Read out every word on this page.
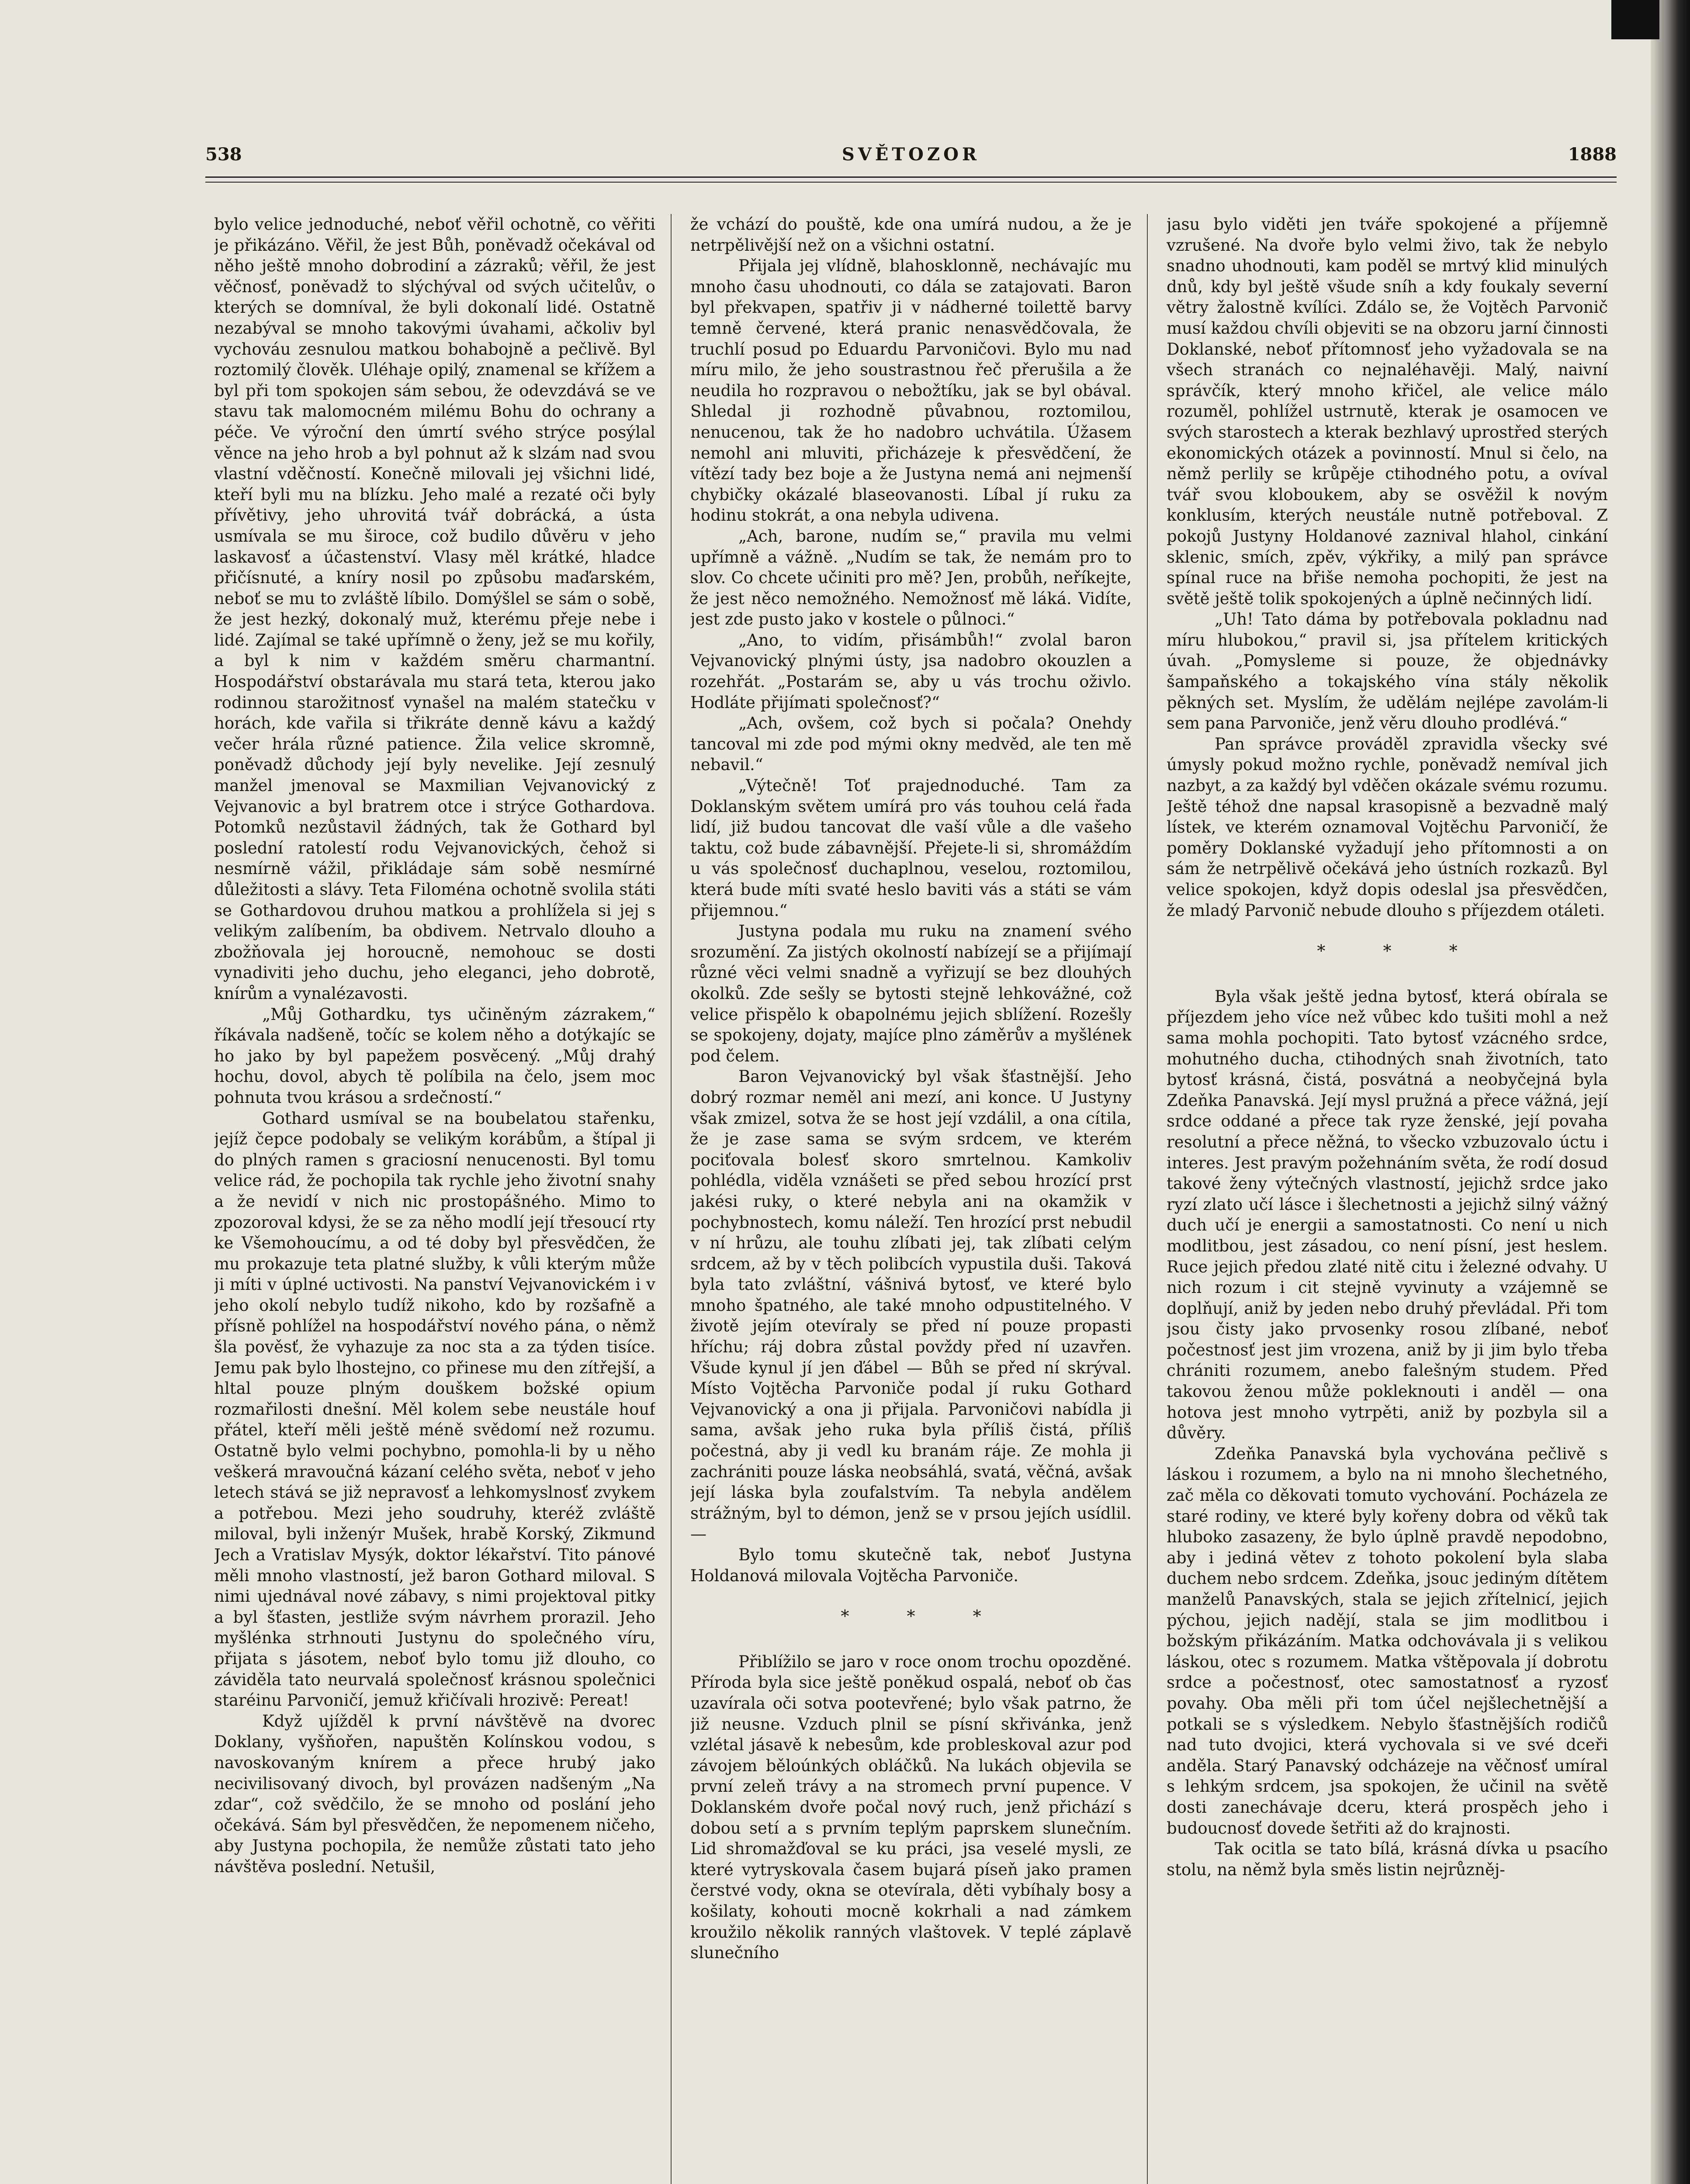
538	SVĚTOZOR	1888

bylo velice jednoduché, neboť věřil ochotně, co věřiti je přikázáno. Věřil, že jest Bůh, poněvadž očekával od něho ještě mnoho dobrodiní a zázraků; věřil, že jest věčnosť, poněvadž to slýchýval od svých učitelův, o kterých se domníval, že byli dokonalí lidé. Ostatně nezabýval se mnoho takovými úvahami, ačkoliv byl vychováu zesnulou matkou bohabojně a pečlivě. Byl roztomilý člověk. Uléhaje opilý, znamenal se křížem a byl při tom spokojen sám sebou, že odevzdává se ve stavu tak malomocném milému Bohu do ochrany a péče. Ve výroční den úmrtí svého strýce posýlal věnce na jeho hrob a byl pohnut až k slzám nad svou vlastní vděčností. Konečně milovali jej všichni lidé, kteří byli mu na blízku. Jeho malé a rezaté oči byly přívětivy, jeho uhrovitá tvář dobrácká, a ústa usmívala se mu široce, což budilo důvěru v jeho laskavosť a účastenství. Vlasy měl krátké, hladce přičísnuté, a kníry nosil po způsobu maďarském, neboť se mu to zvláště líbilo. Domýšlel se sám o sobě, že jest hezký, dokonalý muž, kterému přeje nebe i lidé. Zajímal se také upřímně o ženy, jež se mu kořily, a byl k nim v každém směru charmantní. Hospodářství obstarávala mu stará teta, kterou jako rodinnou starožitnosť vynašel na malém statečku v horách, kde vařila si třikráte denně kávu a každý večer hrála různé patience. Žila velice skromně, poněvadž důchody její byly nevelike. Její zesnulý manžel jmenoval se Maxmilian Vejvanovický z Vejvanovic a byl bratrem otce i strýce Gothardova. Potomků nezůstavil žádných, tak že Gothard byl poslední ratolestí rodu Vejvanovických, čehož si nesmírně vážil, přikládaje sám sobě nesmírné důležitosti a slávy. Teta Filoména ochotně svolila státi se Gothardovou druhou matkou a prohlížela si jej s velikým zalíbením, ba obdivem. Netrvalo dlouho a zbožňovala jej horoucně, nemohouc se dosti vynadiviti jeho duchu, jeho eleganci, jeho dobrotě, knírům a vynalézavosti.

„Můj Gothardku, tys učiněným zázrakem,“ říkávala nadšeně, točíc se kolem něho a dotýkajíc se ho jako by byl papežem posvěcený. „Můj drahý hochu, dovol, abych tě políbila na čelo, jsem moc pohnuta tvou krásou a srdečností.“

Gothard usmíval se na boubelatou stařenku, jejíž čepce podobaly se velikým korábům, a štípal ji do plných ramen s graciosní nenucenosti. Byl tomu velice rád, že pochopila tak rychle jeho životní snahy a že nevidí v nich nic prostopášného. Mimo to zpozoroval kdysi, že se za něho modlí její třesoucí rty ke Všemohoucímu, a od té doby byl přesvědčen, že mu prokazuje teta platné služby, k vůli kterým může ji míti v úplné uctivosti. Na panství Vejvanovickém i v jeho okolí nebylo tudíž nikoho, kdo by rozšafně a přísně pohlížel na hospodářství nového pána, o němž šla pověsť, že vyhazuje za noc sta a za týden tisíce. Jemu pak bylo lhostejno, co přinese mu den zítřejší, a hltal pouze plným douškem božské opium rozmařilosti dnešní. Měl kolem sebe neustále houf přátel, kteří měli ještě méně svědomí než rozumu. Ostatně bylo velmi pochybno, pomohla-li by u něho veškerá mravoučná kázaní celého světa, neboť v jeho letech stává se již nepravosť a lehkomyslnosť zvykem a potřebou. Mezi jeho soudruhy, kteréž zvláště miloval, byli inženýr Mušek, hrabě Korský, Zikmund Jech a Vratislav Mysýk, doktor lékařství. Tito pánové měli mnoho vlastností, jež baron Gothard miloval. S nimi ujednával nové zábavy, s nimi projektoval pitky a byl šťasten, jestliže svým návrhem prorazil. Jeho myšlénka strhnouti Justynu do společného víru, přijata s jásotem, neboť bylo tomu již dlouho, co záviděla tato neurvalá společnosť krásnou společnici staréinu Parvoničí, jemuž křičívali hrozivě: Pereat!

Když ujížděl k první návštěvě na dvorec Doklany, vyšňořen, napuštěn Kolínskou vodou, s navoskovaným knírem a přece hrubý jako necivilisovaný divoch, byl provázen nadšeným „Na zdar“, což svědčilo, že se mnoho od poslání jeho očekává. Sám byl přesvědčen, že nepomenem ničeho, aby Justyna pochopila, že nemůže zůstati tato jeho návštěva poslední. Netušil,

že vchází do pouště, kde ona umírá nudou, a že je netrpělivější než on a všichni ostatní.

Přijala jej vlídně, blahosklonně, nechávajíc mu mnoho času uhodnouti, co dála se zatajovati. Baron byl překvapen, spatřiv ji v nádherné toilettě barvy temně červené, která pranic nenasvědčovala, že truchlí posud po Eduardu Parvoničovi. Bylo mu nad míru milo, že jeho soustrastnou řeč přerušila a že neudila ho rozpravou o nebožtíku, jak se byl obával. Shledal ji rozhodně půvabnou, roztomilou, nenucenou, tak že ho nadobro uchvátila. Úžasem nemohl ani mluviti, přicházeje k přesvědčení, že vítězí tady bez boje a že Justyna nemá ani nejmenší chybičky okázalé blaseovanosti. Líbal jí ruku za hodinu stokrát, a ona nebyla udivena.

„Ach, barone, nudím se,“ pravila mu velmi upřímně a vážně. „Nudím se tak, že nemám pro to slov. Co chcete učiniti pro mě? Jen, probůh, neříkejte, že jest něco nemožného. Nemožnosť mě láká. Vidíte, jest zde pusto jako v kostele o půlnoci.“

„Ano, to vidím, přisámbůh!“ zvolal baron Vejvanovický plnými ústy, jsa nadobro okouzlen a rozehřát. „Postarám se, aby u vás trochu oživlo. Hodláte přijímati společnosť?“

„Ach, ovšem, což bych si počala? Onehdy tancoval mi zde pod mými okny medvěd, ale ten mě nebavil.“

„Výtečně! Toť prajednoduché. Tam za Doklanským světem umírá pro vás touhou celá řada lidí, již budou tancovat dle vaší vůle a dle vašeho taktu, což bude zábavnější. Přejete-li si, shromáždím u vás společnosť duchaplnou, veselou, roztomilou, která bude míti svaté heslo baviti vás a státi se vám přijemnou.“

Justyna podala mu ruku na znamení svého srozumění. Za jistých okolností nabízejí se a přijímají různé věci velmi snadně a vyřizují se bez dlouhých okolků. Zde sešly se bytosti stejně lehkovážné, což velice přispělo k obapolnému jejich sblížení. Rozešly se spokojeny, dojaty, majíce plno záměrův a myšlének pod čelem.

Baron Vejvanovický byl však šťastnější. Jeho dobrý rozmar neměl ani mezí, ani konce. U Justyny však zmizel, sotva že se host její vzdálil, a ona cítila, že je zase sama se svým srdcem, ve kterém pociťovala bolesť skoro smrtelnou. Kamkoliv pohlédla, viděla vznášeti se před sebou hrozící prst jakési ruky, o které nebyla ani na okamžik v pochybnostech, komu náleží. Ten hrozící prst nebudil v ní hrůzu, ale touhu zlíbati jej, tak zlíbati celým srdcem, až by v těch polibcích vypustila duši. Taková byla tato zvláštní, vášnivá bytosť, ve které bylo mnoho špatného, ale také mnoho odpustitelného. V životě jejím otevíraly se před ní pouze propasti hříchu; ráj dobra zůstal povždy před ní uzavřen. Všude kynul jí jen ďábel — Bůh se před ní skrýval. Místo Vojtěcha Parvoniče podal jí ruku Gothard Vejvanovický a ona ji přijala. Parvoničovi nabídla ji sama, avšak jeho ruka byla příliš čistá, příliš počestná, aby ji vedl ku branám ráje. Ze mohla ji zachrániti pouze láska neobsáhlá, svatá, věčná, avšak její láska byla zoufalstvím. Ta nebyla andělem strážným, byl to démon, jenž se v prsou jejích usídlil. —

Bylo tomu skutečně tak, neboť Justyna Holdanová milovala Vojtěcha Parvoniče.

* * *

Přiblížilo se jaro v roce onom trochu opozděné. Příroda byla sice ještě poněkud ospalá, neboť ob čas uzavírala oči sotva pootevřené; bylo však patrno, že již neusne. Vzduch plnil se písní skřivánka, jenž vzlétal jásavě k nebesům, kde probleskoval azur pod závojem běloúnkých obláčků. Na lukách objevila se první zeleň trávy a na stromech první pupence. V Doklanském dvoře počal nový ruch, jenž přichází s dobou setí a s prvním teplým paprskem slunečním. Lid shromažďoval se ku práci, jsa veselé mysli, ze které vytryskovala časem bujará píseň jako pramen čerstvé vody, okna se otevírala, děti vybíhaly bosy a košilaty, kohouti mocně kokrhali a nad zámkem kroužilo několik ranných vlaštovek. V teplé záplavě slunečního

jasu bylo viděti jen tváře spokojené a příjemně vzrušené. Na dvoře bylo velmi živo, tak že nebylo snadno uhodnouti, kam poděl se mrtvý klid minulých dnů, kdy byl ještě všude sníh a kdy foukaly severní větry žalostně kvílíci. Zdálo se, že Vojtěch Parvonič musí každou chvíli objeviti se na obzoru jarní činnosti Doklanské, neboť přítomnosť jeho vyžadovala se na všech stranách co nejnaléhavěji. Malý, naivní správčík, který mnoho křičel, ale velice málo rozuměl, pohlížel ustrnutě, kterak je osamocen ve svých starostech a kterak bezhlavý uprostřed sterých ekonomických otázek a povinností. Mnul si čelo, na němž perlily se krůpěje ctihodného potu, a ovíval tvář svou kloboukem, aby se osvěžil k novým konklusím, kterých neustále nutně potřeboval. Z pokojů Justyny Holdanové zaznival hlahol, cinkání sklenic, smích, zpěv, výkřiky, a milý pan správce spínal ruce na břiše nemoha pochopiti, že jest na světě ještě tolik spokojených a úplně nečinných lidí.

„Uh! Tato dáma by potřebovala pokladnu nad míru hlubokou,“ pravil si, jsa přítelem kritických úvah. „Pomysleme si pouze, že objednávky šampaňského a tokajského vína stály několik pěkných set. Myslím, že udělám nejlépe zavolám-li sem pana Parvoniče, jenž věru dlouho prodlévá.“

Pan správce prováděl zpravidla všecky své úmysly pokud možno rychle, poněvadž nemíval jich nazbyt, a za každý byl vděčen okázale svému rozumu. Ještě téhož dne napsal krasopisně a bezvadně malý lístek, ve kterém oznamoval Vojtěchu Parvoničí, že poměry Doklanské vyžadují jeho přítomnosti a on sám že netrpělivě očekává jeho ústních rozkazů. Byl velice spokojen, když dopis odeslal jsa přesvědčen, že mladý Parvonič nebude dlouho s příjezdem otáleti.

* * *

Byla však ještě jedna bytosť, která obírala se příjezdem jeho více než vůbec kdo tušiti mohl a než sama mohla pochopiti. Tato bytosť vzácného srdce, mohutného ducha, ctihodných snah životních, tato bytosť krásná, čistá, posvátná a neobyčejná byla Zdeňka Panavská. Její mysl pružná a přece vážná, její srdce oddané a přece tak ryze ženské, její povaha resolutní a přece něžná, to všecko vzbuzovalo úctu i interes. Jest pravým požehnáním světa, že rodí dosud takové ženy výtečných vlastností, jejichž srdce jako ryzí zlato učí lásce i šlechetnosti a jejichž silný vážný duch učí je energii a samostatnosti. Co není u nich modlitbou, jest zásadou, co není písní, jest heslem. Ruce jejich předou zlaté nitě citu i železné odvahy. U nich rozum i cit stejně vyvinuty a vzájemně se doplňují, aniž by jeden nebo druhý převládal. Při tom jsou čisty jako prvosenky rosou zlíbané, neboť počestnosť jest jim vrozena, aniž by ji jim bylo třeba chrániti rozumem, anebo falešným studem. Před takovou ženou může pokleknouti i anděl — ona hotova jest mnoho vytrpěti, aniž by pozbyla sil a důvěry.

Zdeňka Panavská byla vychována pečlivě s láskou i rozumem, a bylo na ni mnoho šlechetného, zač měla co děkovati tomuto vychování. Pocházela ze staré rodiny, ve které byly kořeny dobra od věků tak hluboko zasazeny, že bylo úplně pravdě nepodobno, aby i jediná větev z tohoto pokolení byla slaba duchem nebo srdcem. Zdeňka, jsouc jediným dítětem manželů Panavských, stala se jejich zřítelnicí, jejich pýchou, jejich nadějí, stala se jim modlitbou i božským přikázáním. Matka odchovávala ji s velikou láskou, otec s rozumem. Matka vštěpovala jí dobrotu srdce a počestnosť, otec samostatnosť a ryzosť povahy. Oba měli při tom účel nejšlechetnější a potkali se s výsledkem. Nebylo šťastnějších rodičů nad tuto dvojici, která vychovala si ve své dceři anděla. Starý Panavský odcházeje na věčnosť umíral s lehkým srdcem, jsa spokojen, že učinil na světě dosti zanechávaje dceru, která prospěch jeho i budoucnosť dovede šetřiti až do krajnosti.

Tak ocitla se tato bílá, krásná dívka u psacího stolu, na němž byla směs listin nejrůzněj-
